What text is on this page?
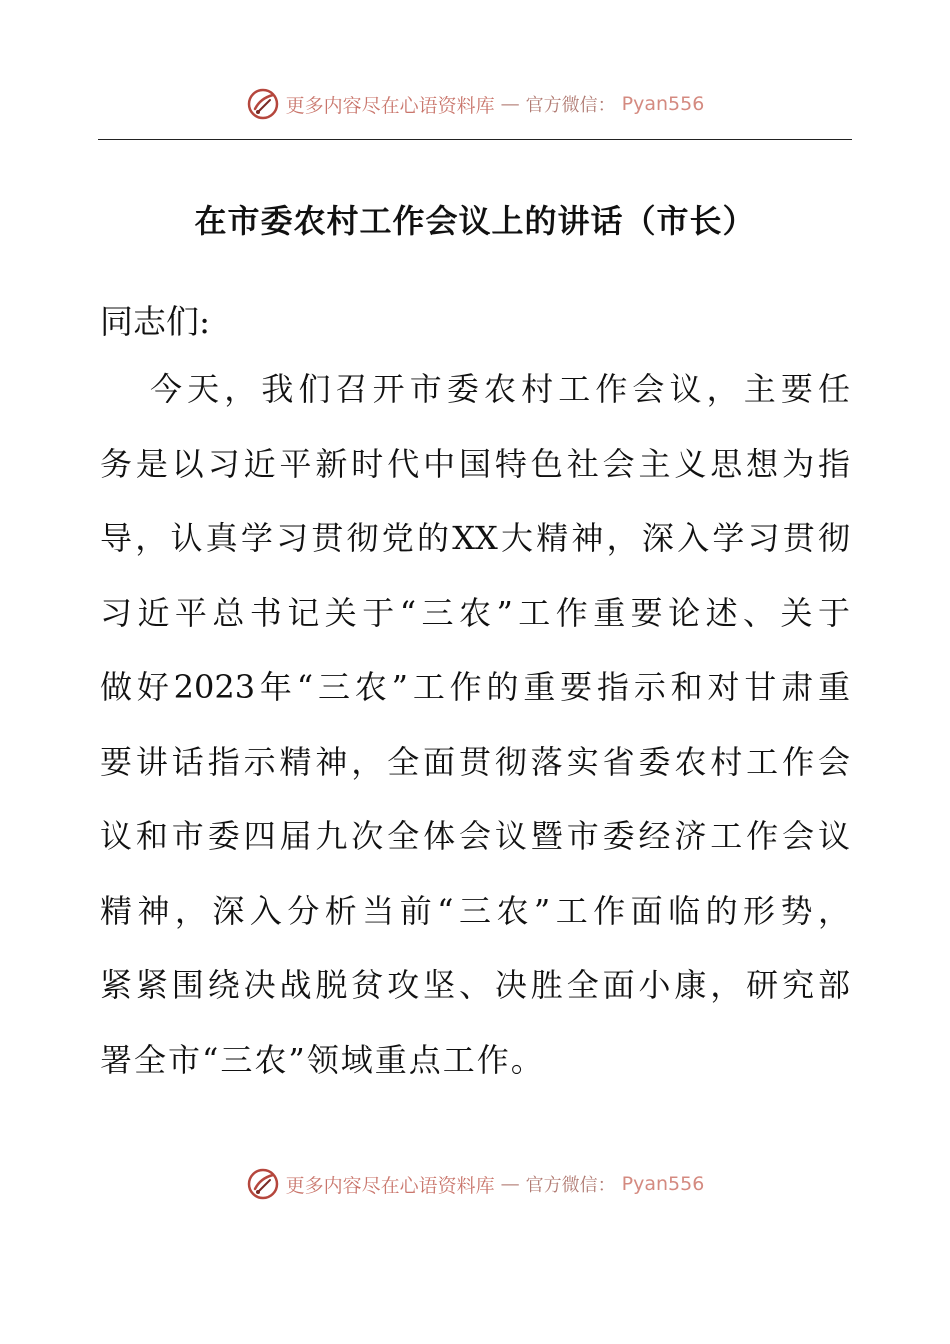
更多内容尽在心语资料库 — 官方微信： Pyan556
在市委农村工作会议上的讲话（市长）
同志们:
今天，我们召开市委农村工作会议，主要任
务是以习近平新时代中国特色社会主义思想为指
导，认真学习贯彻党的XX大精神，深入学习贯彻
习近平总书记关于“三农”工作重要论述、关于
做好2023年“三农”工作的重要指示和对甘肃重
要讲话指示精神，全面贯彻落实省委农村工作会
议和市委四届九次全体会议暨市委经济工作会议
精神，深入分析当前“三农”工作面临的形势，
紧紧围绕决战脱贫攻坚、决胜全面小康，研究部
署全市“三农”领域重点工作。
更多内容尽在心语资料库 — 官方微信： Pyan556
